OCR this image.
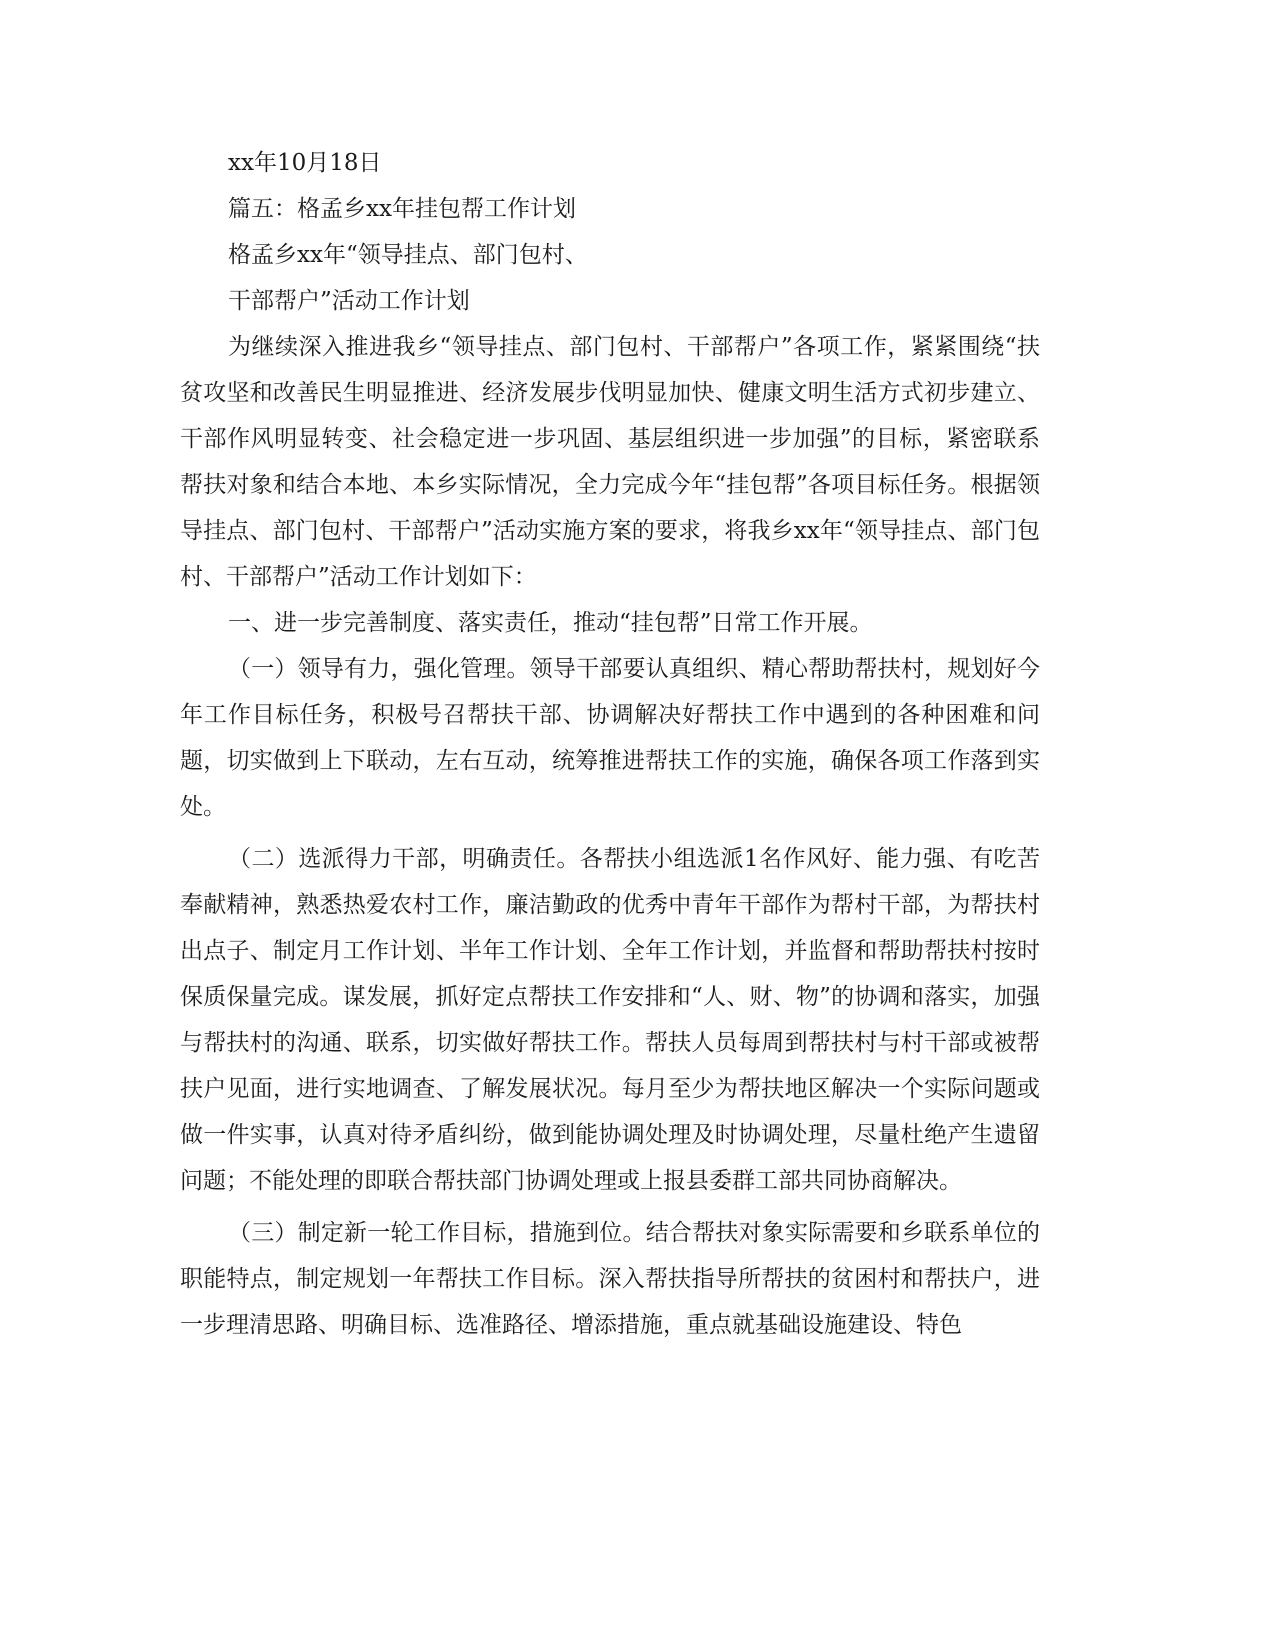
xx年10月18日

篇五：格孟乡xx年挂包帮工作计划

格孟乡xx年“领导挂点、部门包村、

干部帮户”活动工作计划

为继续深入推进我乡“领导挂点、部门包村、干部帮户”各项工作，紧紧围绕“扶贫攻坚和改善民生明显推进、经济发展步伐明显加快、健康文明生活方式初步建立、干部作风明显转变、社会稳定进一步巩固、基层组织进一步加强”的目标，紧密联系帮扶对象和结合本地、本乡实际情况，全力完成今年“挂包帮”各项目标任务。根据领导挂点、部门包村、干部帮户”活动实施方案的要求，将我乡xx年“领导挂点、部门包村、干部帮户”活动工作计划如下：

一、进一步完善制度、落实责任，推动“挂包帮”日常工作开展。

（一）领导有力，强化管理。领导干部要认真组织、精心帮助帮扶村，规划好今年工作目标任务，积极号召帮扶干部、协调解决好帮扶工作中遇到的各种困难和问题，切实做到上下联动，左右互动，统筹推进帮扶工作的实施，确保各项工作落到实处。

（二）选派得力干部，明确责任。各帮扶小组选派1名作风好、能力强、有吃苦奉献精神，熟悉热爱农村工作，廉洁勤政的优秀中青年干部作为帮村干部，为帮扶村出点子、制定月工作计划、半年工作计划、全年工作计划，并监督和帮助帮扶村按时保质保量完成。谋发展，抓好定点帮扶工作安排和“人、财、物”的协调和落实，加强与帮扶村的沟通、联系，切实做好帮扶工作。帮扶人员每周到帮扶村与村干部或被帮扶户见面，进行实地调查、了解发展状况。每月至少为帮扶地区解决一个实际问题或做一件实事，认真对待矛盾纠纷，做到能协调处理及时协调处理，尽量杜绝产生遗留问题；不能处理的即联合帮扶部门协调处理或上报县委群工部共同协商解决。

（三）制定新一轮工作目标，措施到位。结合帮扶对象实际需要和乡联系单位的职能特点，制定规划一年帮扶工作目标。深入帮扶指导所帮扶的贫困村和帮扶户，进一步理清思路、明确目标、选准路径、增添措施，重点就基础设施建设、特色
